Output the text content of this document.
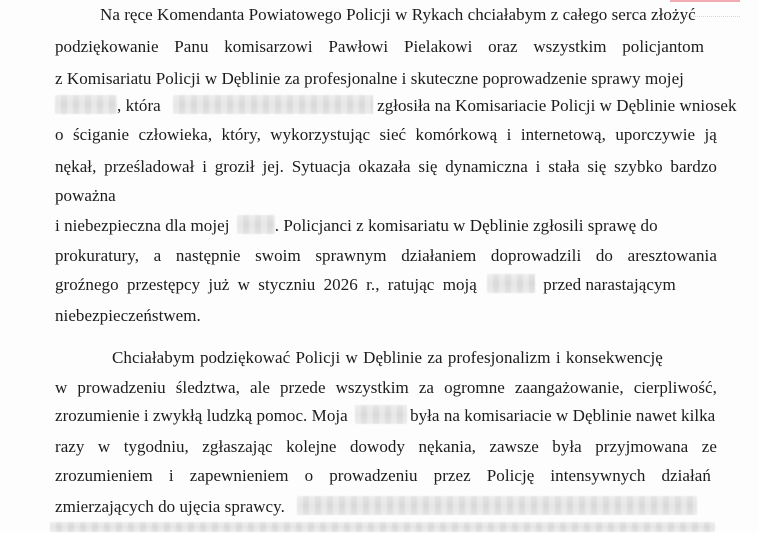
Na ręce Komendanta Powiatowego Policji w Rykach chciałabym z całego serca złożyć
podziękowanie Panu komisarzowi Pawłowi Pielakowi oraz wszystkim policjantom
z Komisariatu Policji w Dęblinie za profesjonalne i skuteczne poprowadzenie sprawy mojej
, która	zgłosiła na Komisariacie Policji w Dęblinie wniosek
o ściganie człowieka, który, wykorzystując sieć komórkową i internetową, uporczywie ją
nękał, prześladował i groził jej. Sytuacja okazała się dynamiczna i stała się szybko bardzo
poważna
i niebezpieczna dla mojej	. Policjanci z komisariatu w Dęblinie zgłosili sprawę do
prokuratury, a następnie swoim sprawnym działaniem doprowadzili do aresztowania
groźnego przestępcy już w styczniu 2026 r., ratując moją	przed narastającym
niebezpieczeństwem.
Chciałabym podziękować Policji w Dęblinie za profesjonalizm i konsekwencję
w prowadzeniu śledztwa, ale przede wszystkim za ogromne zaangażowanie, cierpliwość,
zrozumienie i zwykłą ludzką pomoc. Moja	była na komisariacie w Dęblinie nawet kilka
razy w tygodniu, zgłaszając kolejne dowody nękania, zawsze była przyjmowana ze
zrozumieniem i zapewnieniem o prowadzeniu przez Policję intensywnych działań
zmierzających do ujęcia sprawcy.
